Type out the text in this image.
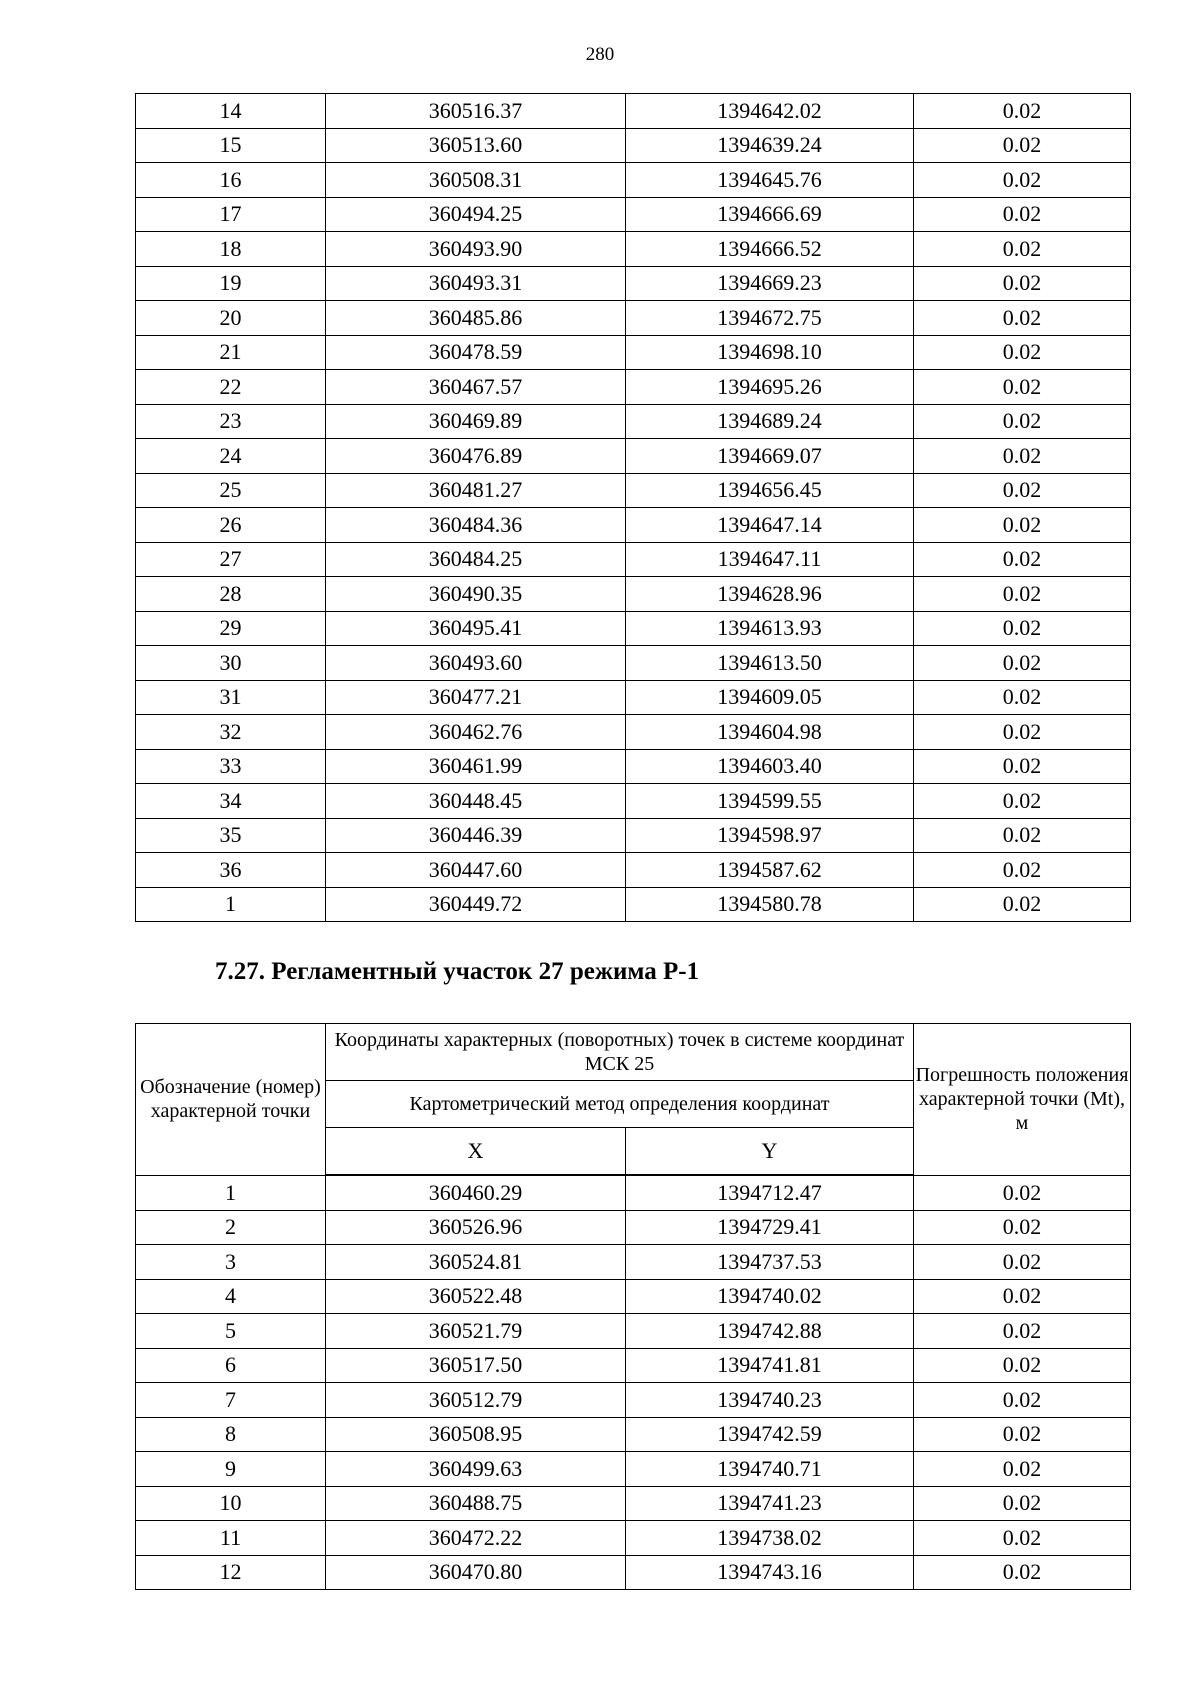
280
14	360516.37	1394642.02	0.02
15	360513.60	1394639.24	0.02
16	360508.31	1394645.76	0.02
17	360494.25	1394666.69	0.02
18	360493.90	1394666.52	0.02
19	360493.31	1394669.23	0.02
20	360485.86	1394672.75	0.02
21	360478.59	1394698.10	0.02
22	360467.57	1394695.26	0.02
23	360469.89	1394689.24	0.02
24	360476.89	1394669.07	0.02
25	360481.27	1394656.45	0.02
26	360484.36	1394647.14	0.02
27	360484.25	1394647.11	0.02
28	360490.35	1394628.96	0.02
29	360495.41	1394613.93	0.02
30	360493.60	1394613.50	0.02
31	360477.21	1394609.05	0.02
32	360462.76	1394604.98	0.02
33	360461.99	1394603.40	0.02
34	360448.45	1394599.55	0.02
35	360446.39	1394598.97	0.02
36	360447.60	1394587.62	0.02
1	360449.72	1394580.78	0.02
7.27. Регламентный участок 27 режима Р-1
Обозначение (номер) характерной точки	Координаты характерных (поворотных) точек в системе координат МСК 25		Погрешность положения характерной точки (Mt), м
	Картометрический метод определения координат		
	X	Y	
1	360460.29	1394712.47	0.02
2	360526.96	1394729.41	0.02
3	360524.81	1394737.53	0.02
4	360522.48	1394740.02	0.02
5	360521.79	1394742.88	0.02
6	360517.50	1394741.81	0.02
7	360512.79	1394740.23	0.02
8	360508.95	1394742.59	0.02
9	360499.63	1394740.71	0.02
10	360488.75	1394741.23	0.02
11	360472.22	1394738.02	0.02
12	360470.80	1394743.16	0.02
